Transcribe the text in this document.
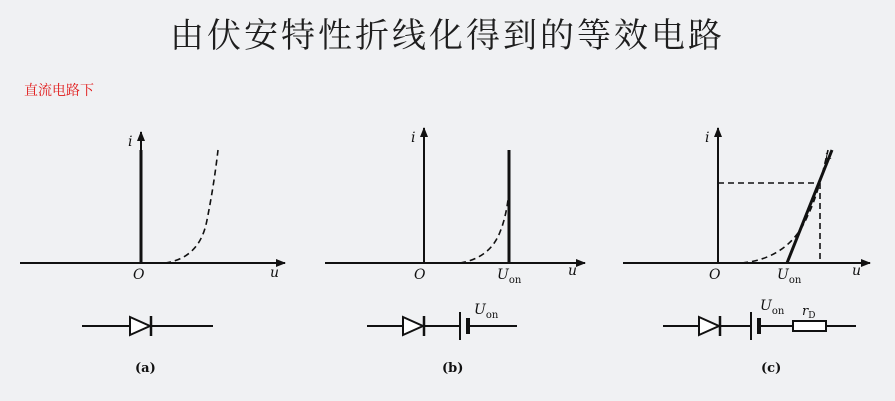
由伏安特性折线化得到的等效电路
直流电路下
i
u
O
(a)
i
u
O	$U_{on}$
$U_{on}$
(b)
i
u
u
O	$U_{on}$
$U_{on}$ $r_D$
(c)
